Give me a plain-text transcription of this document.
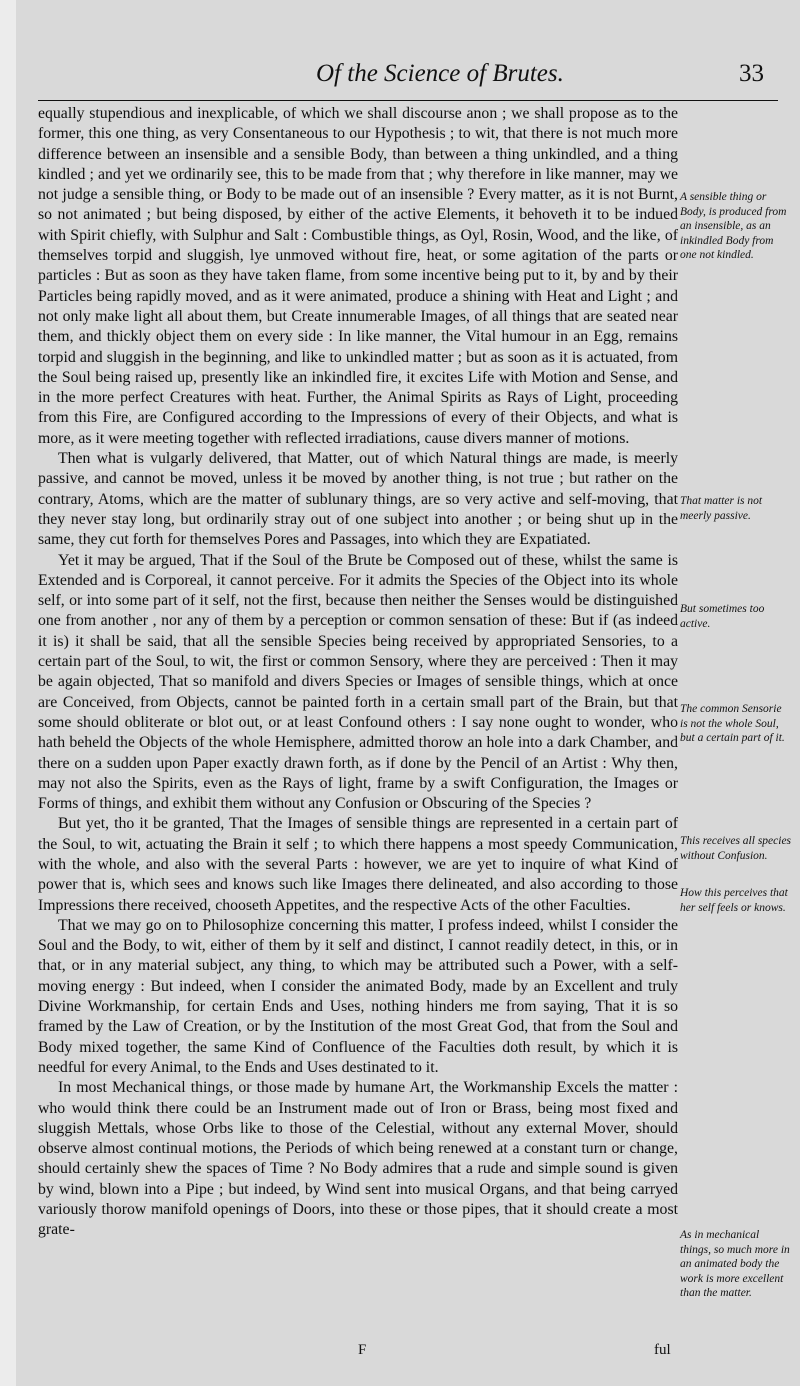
Of the Science of Brutes.	33

equally stupendious and inexplicable, of which we shall discourse anon ; we shall propose as to the former, this one thing, as very Consentaneous to our Hypothesis ; to wit, that there is not much more difference between an insensible and a sensible Body, than between a thing unkindled, and a thing kindled ; and yet we ordinarily see, this to be made from that ; why therefore in like manner, may we not judge a sensible thing, or Body to be made out of an insensible ? Every matter, as it is not Burnt, so not animated ; but being disposed, by either of the active Elements, it behoveth it to be indued with Spirit chiefly, with Sulphur and Salt : Combustible things, as Oyl, Rosin, Wood, and the like, of themselves torpid and sluggish, lye unmoved without fire, heat, or some agitation of the parts or particles : But as soon as they have taken flame, from some incentive being put to it, by and by their Particles being rapidly moved, and as it were animated, produce a shining with Heat and Light ; and not only make light all about them, but Create innumerable Images, of all things that are seated near them, and thickly object them on every side : In like manner, the Vital humour in an Egg, remains torpid and sluggish in the beginning, and like to unkindled matter ; but as soon as it is actuated, from the Soul being raised up, presently like an inkindled fire, it excites Life with Motion and Sense, and in the more perfect Creatures with heat. Further, the Animal Spirits as Rays of Light, proceeding from this Fire, are Configured according to the Impressions of every of their Objects, and what is more, as it were meeting together with reflected irradiations, cause divers manner of motions.

Then what is vulgarly delivered, that Matter, out of which Natural things are made, is meerly passive, and cannot be moved, unless it be moved by another thing, is not true ; but rather on the contrary, Atoms, which are the matter of sublunary things, are so very active and self-moving, that they never stay long, but ordinarily stray out of one subject into another ; or being shut up in the same, they cut forth for themselves Pores and Passages, into which they are Expatiated.

Yet it may be argued, That if the Soul of the Brute be Composed out of these, whilst the same is Extended and is Corporeal, it cannot perceive. For it admits the Species of the Object into its whole self, or into some part of it self, not the first, because then neither the Senses would be distinguished one from another , nor any of them by a perception or common sensation of these: But if (as indeed it is) it shall be said, that all the sensible Species being received by appropriated Sensories, to a certain part of the Soul, to wit, the first or common Sensory, where they are perceived : Then it may be again objected, That so manifold and divers Species or Images of sensible things, which at once are Conceived, from Objects, cannot be painted forth in a certain small part of the Brain, but that some should obliterate or blot out, or at least Confound others : I say none ought to wonder, who hath beheld the Objects of the whole Hemisphere, admitted thorow an hole into a dark Chamber, and there on a sudden upon Paper exactly drawn forth, as if done by the Pencil of an Artist : Why then, may not also the Spirits, even as the Rays of light, frame by a swift Configuration, the Images or Forms of things, and exhibit them without any Confusion or Obscuring of the Species ?

But yet, tho it be granted, That the Images of sensible things are represented in a certain part of the Soul, to wit, actuating the Brain it self ; to which there happens a most speedy Communication, with the whole, and also with the several Parts : however, we are yet to inquire of what Kind of power that is, which sees and knows such like Images there delineated, and also according to those Impressions there received, chooseth Appetites, and the respective Acts of the other Faculties.

That we may go on to Philosophize concerning this matter, I profess indeed, whilst I consider the Soul and the Body, to wit, either of them by it self and distinct, I cannot readily detect, in this, or in that, or in any material subject, any thing, to which may be attributed such a Power, with a self-moving energy : But indeed, when I consider the animated Body, made by an Excellent and truly Divine Workmanship, for certain Ends and Uses, nothing hinders me from saying, That it is so framed by the Law of Creation, or by the Institution of the most Great God, that from the Soul and Body mixed together, the same Kind of Confluence of the Faculties doth result, by which it is needful for every Animal, to the Ends and Uses destinated to it.

In most Mechanical things, or those made by humane Art, the Workmanship Excels the matter : who would think there could be an Instrument made out of Iron or Brass, being most fixed and sluggish Mettals, whose Orbs like to those of the Celestial, without any external Mover, should observe almost continual motions, the Periods of which being renewed at a constant turn or change, should certainly shew the spaces of Time ? No Body admires that a rude and simple sound is given by wind, blown into a Pipe ; but indeed, by Wind sent into musical Organs, and that being carryed variously thorow manifold openings of Doors, into these or those pipes, that it should create a most grate-

A sensible thing or Body, is produced from an insensible, as an inkindled Body from one not kindled.
That matter is not meerly passive.
But sometimes too active.
The common Sensorie is not the whole Soul, but a certain part of it.
This receives all species without Confusion.
How this perceives that her self feels or knows.
As in mechanical things, so much more in an animated body the work is more excellent than the matter.
F	ful
